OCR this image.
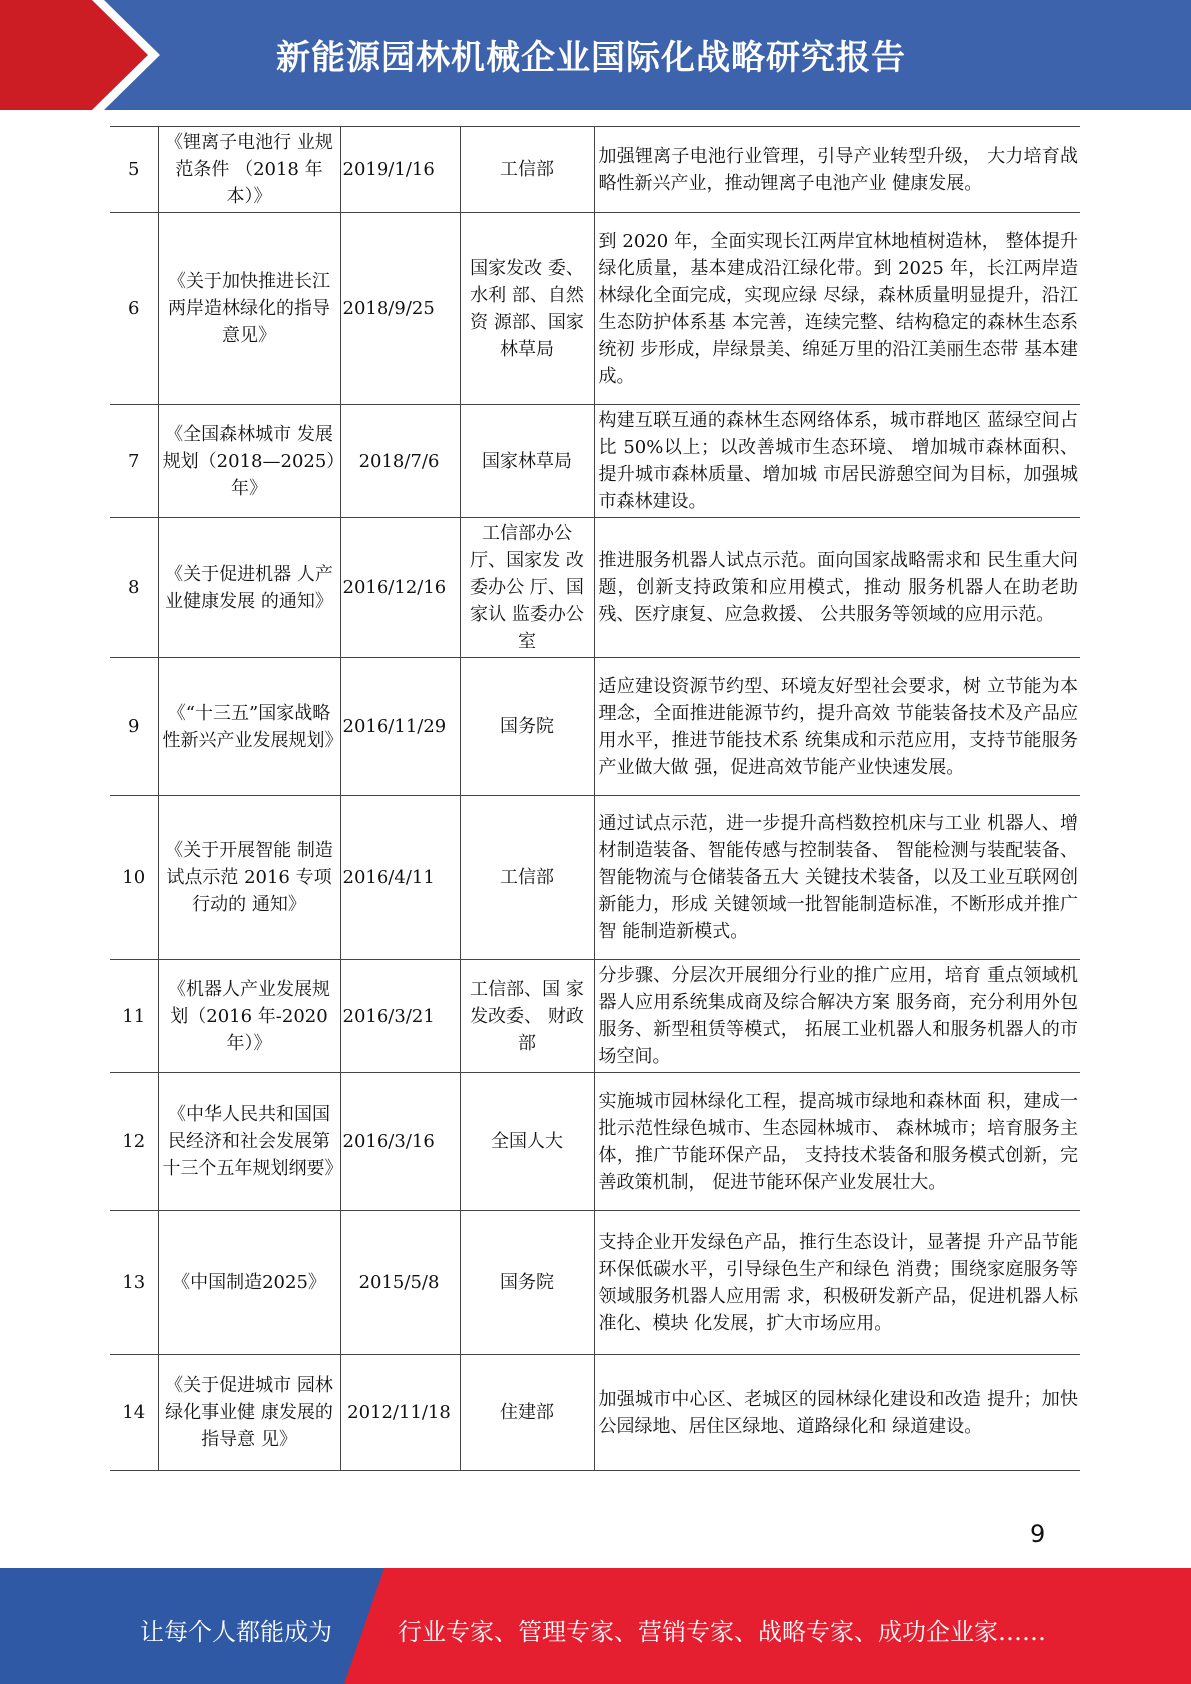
新能源园林机械企业国际化战略研究报告
5	《锂离子电池行 业规范条件 （2018 年本）》	2019/1/16	工信部	加强锂离子电池行业管理，引导产业转型升级， 大力培育战略性新兴产业，推动锂离子电池产业 健康发展。
6	《关于加快推进长江两岸造林绿化的指导意见》	2018/9/25	国家发改 委、水利 部、自然资 源部、国家林草局	到 2020 年，全面实现长江两岸宜林地植树造林， 整体提升绿化质量，基本建成沿江绿化带。到 2025 年，长江两岸造林绿化全面完成，实现应绿 尽绿，森林质量明显提升，沿江生态防护体系基 本完善，连续完整、结构稳定的森林生态系统初 步形成，岸绿景美、绵延万里的沿江美丽生态带 基本建成。
7	《全国森林城市 发展规划（2018—2025）年》	2018/7/6	国家林草局	构建互联互通的森林生态网络体系，城市群地区 蓝绿空间占比 50%以上；以改善城市生态环境、 增加城市森林面积、提升城市森林质量、增加城 市居民游憩空间为目标，加强城市森林建设。
8	《关于促进机器 人产业健康发展 的通知》	2016/12/16	工信部办公厅、国家发 改委办公 厅、国家认 监委办公室	推进服务机器人试点示范。面向国家战略需求和 民生重大问题，创新支持政策和应用模式，推动 服务机器人在助老助残、医疗康复、应急救援、 公共服务等领域的应用示范。
9	《“十三五”国家战略性新兴产业发展规划》	2016/11/29	国务院	适应建设资源节约型、环境友好型社会要求，树 立节能为本理念，全面推进能源节约，提升高效 节能装备技术及产品应用水平，推进节能技术系 统集成和示范应用，支持节能服务产业做大做 强，促进高效节能产业快速发展。
10	《关于开展智能 制造试点示范 2016 专项行动的 通知》	2016/4/11	工信部	通过试点示范，进一步提升高档数控机床与工业 机器人、增材制造装备、智能传感与控制装备、 智能检测与装配装备、智能物流与仓储装备五大 关键技术装备，以及工业互联网创新能力，形成 关键领域一批智能制造标准，不断形成并推广智 能制造新模式。
11	《机器人产业发展规划（2016 年-2020 年）》	2016/3/21	工信部、国 家发改委、 财政部	分步骤、分层次开展细分行业的推广应用，培育 重点领域机器人应用系统集成商及综合解决方案 服务商，充分利用外包服务、新型租赁等模式， 拓展工业机器人和服务机器人的市场空间。
12	《中华人民共和国国民经济和社会发展第十三个五年规划纲要》	2016/3/16	全国人大	实施城市园林绿化工程，提高城市绿地和森林面 积，建成一批示范性绿色城市、生态园林城市、 森林城市；培育服务主体，推广节能环保产品， 支持技术装备和服务模式创新，完善政策机制， 促进节能环保产业发展壮大。
13	《中国制造2025》	2015/5/8	国务院	支持企业开发绿色产品，推行生态设计，显著提 升产品节能环保低碳水平，引导绿色生产和绿色 消费；围绕家庭服务等领域服务机器人应用需 求，积极研发新产品，促进机器人标准化、模块 化发展，扩大市场应用。
14	《关于促进城市 园林绿化事业健 康发展的指导意 见》	2012/11/18	住建部	加强城市中心区、老城区的园林绿化建设和改造 提升；加快公园绿地、居住区绿地、道路绿化和 绿道建设。
9
让每个人都能成为	行业专家、管理专家、营销专家、战略专家、成功企业家……
